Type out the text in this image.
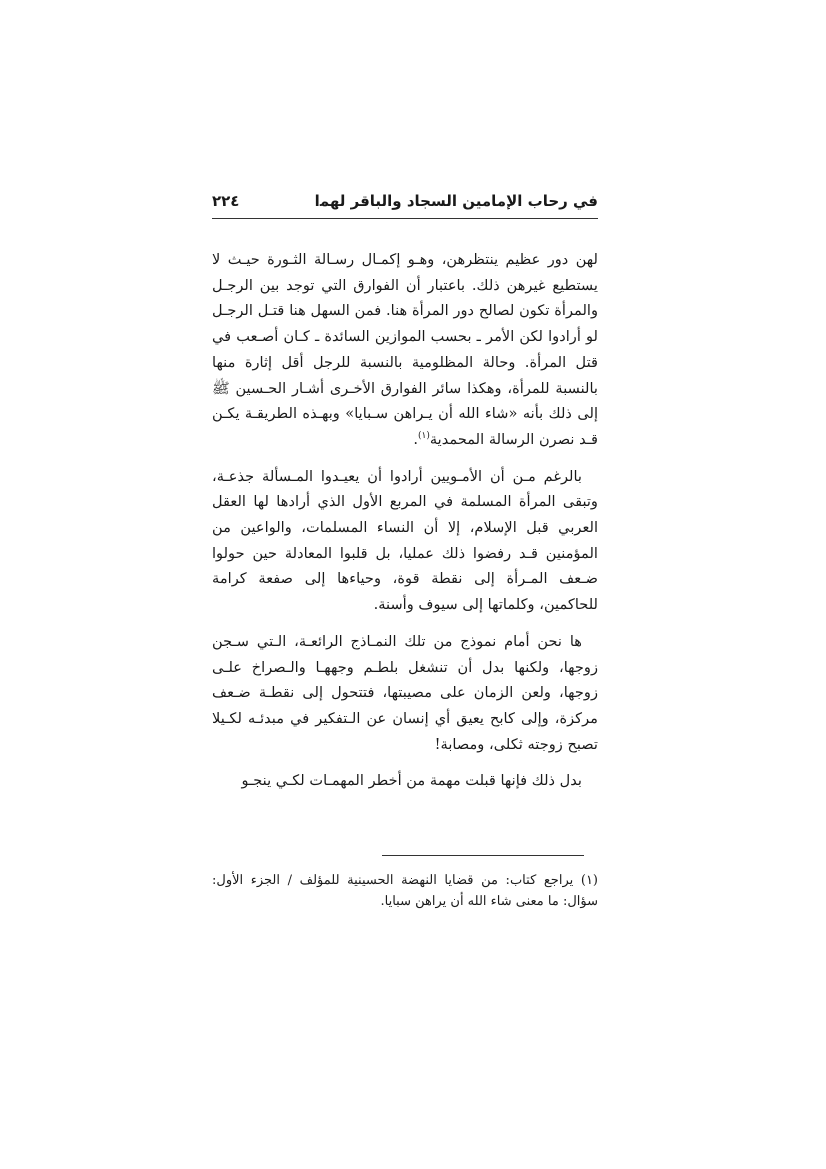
في رحاب الإمامين السجاد والباقر ﻟﻬﻤﺍ
٢٢٤

لهن دور عظيم ينتظرهن، وهـو إكمـال رسـالة الثـورة حيـث لا يستطيع غيرهن ذلك. باعتبار أن الفوارق التي توجد بين الرجـل والمرأة تكون لصالح دور المرأة هنا. فمن السهل هنا قتـل الرجـل لو أرادوا لكن الأمر ـ بحسب الموازين السائدة ـ كـان أصـعب في قتل المرأة. وحالة المظلومية بالنسبة للرجل أقل إثارة منها بالنسبة للمرأة، وهكذا سائر الفوارق الأخـرى أشـار الحـسين ﷺ إلى ذلك بأنه «شاء الله أن يـراهن سـبايا» وبهـذه الطريقـة يكـن قـد نصرن الرسالة المحمدية$^{(١)}$.

بالرغم مـن أن الأمـويين أرادوا أن يعيـدوا المـسألة جذعـة، وتبقى المرأة المسلمة في المربع الأول الذي أرادها لها العقل العربي قبل الإسلام، إلا أن النساء المسلمات، والواعين من المؤمنين قـد رفضوا ذلك عمليا، بل قلبوا المعادلة حين حولوا ضـعف المـرأة إلى نقطة قوة، وحياءها إلى صفعة كرامة للحاكمين، وكلماتها إلى سيوف وأسنة.

ها نحن أمام نموذج من تلك النمـاذج الرائعـة، الـتي سـجن زوجها، ولكنها بدل أن تنشغل بلطـم وجههـا والـصراخ علـى زوجها، ولعن الزمان على مصيبتها، فتتحول إلى نقطـة ضـعف مركزة، وإلى كابح يعيق أي إنسان عن الـتفكير في مبدئـه لكـيلا تصبح زوجته ثكلى، ومصابة!

بدل ذلك فإنها قبلت مهمة من أخطر المهمـات لكـي ينجـو

(١) يراجع كتاب: من قضايا النهضة الحسينية للمؤلف / الجزء الأول: سؤال: ما معنى شاء الله أن يراهن سبايا.
